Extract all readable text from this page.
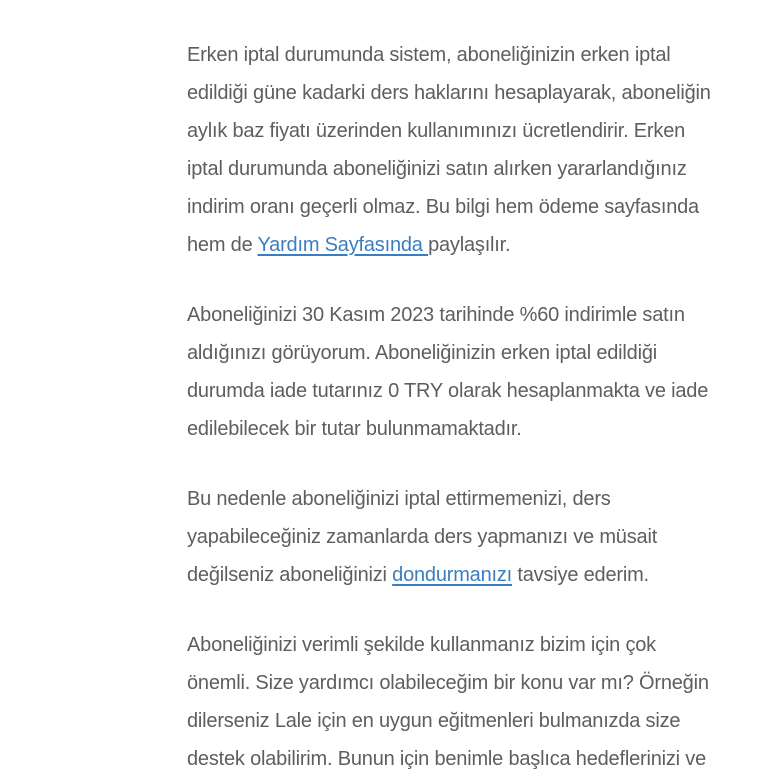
Erken iptal durumunda sistem, aboneliğinizin erken iptal
edildiği güne kadarki ders haklarını hesaplayarak, aboneliğin
aylık baz fiyatı üzerinden kullanımınızı ücretlendirir. Erken
iptal durumunda aboneliğinizi satın alırken yararlandığınız
indirim oranı geçerli olmaz. Bu bilgi hem ödeme sayfasında
hem de Yardım Sayfasında paylaşılır.

Aboneliğinizi 30 Kasım 2023 tarihinde %60 indirimle satın
aldığınızı görüyorum. Aboneliğinizin erken iptal edildiği
durumda iade tutarınız 0 TRY olarak hesaplanmakta ve iade
edilebilecek bir tutar bulunmamaktadır.

Bu nedenle aboneliğinizi iptal ettirmemenizi, ders
yapabileceğiniz zamanlarda ders yapmanızı ve müsait
değilseniz aboneliğinizi dondurmanızı tavsiye ederim.

Aboneliğinizi verimli şekilde kullanmanız bizim için çok
önemli. Size yardımcı olabileceğim bir konu var mı? Örneğin
dilerseniz Lale için en uygun eğitmenleri bulmanızda size
destek olabilirim. Bunun için benimle başlıca hedeflerinizi ve
